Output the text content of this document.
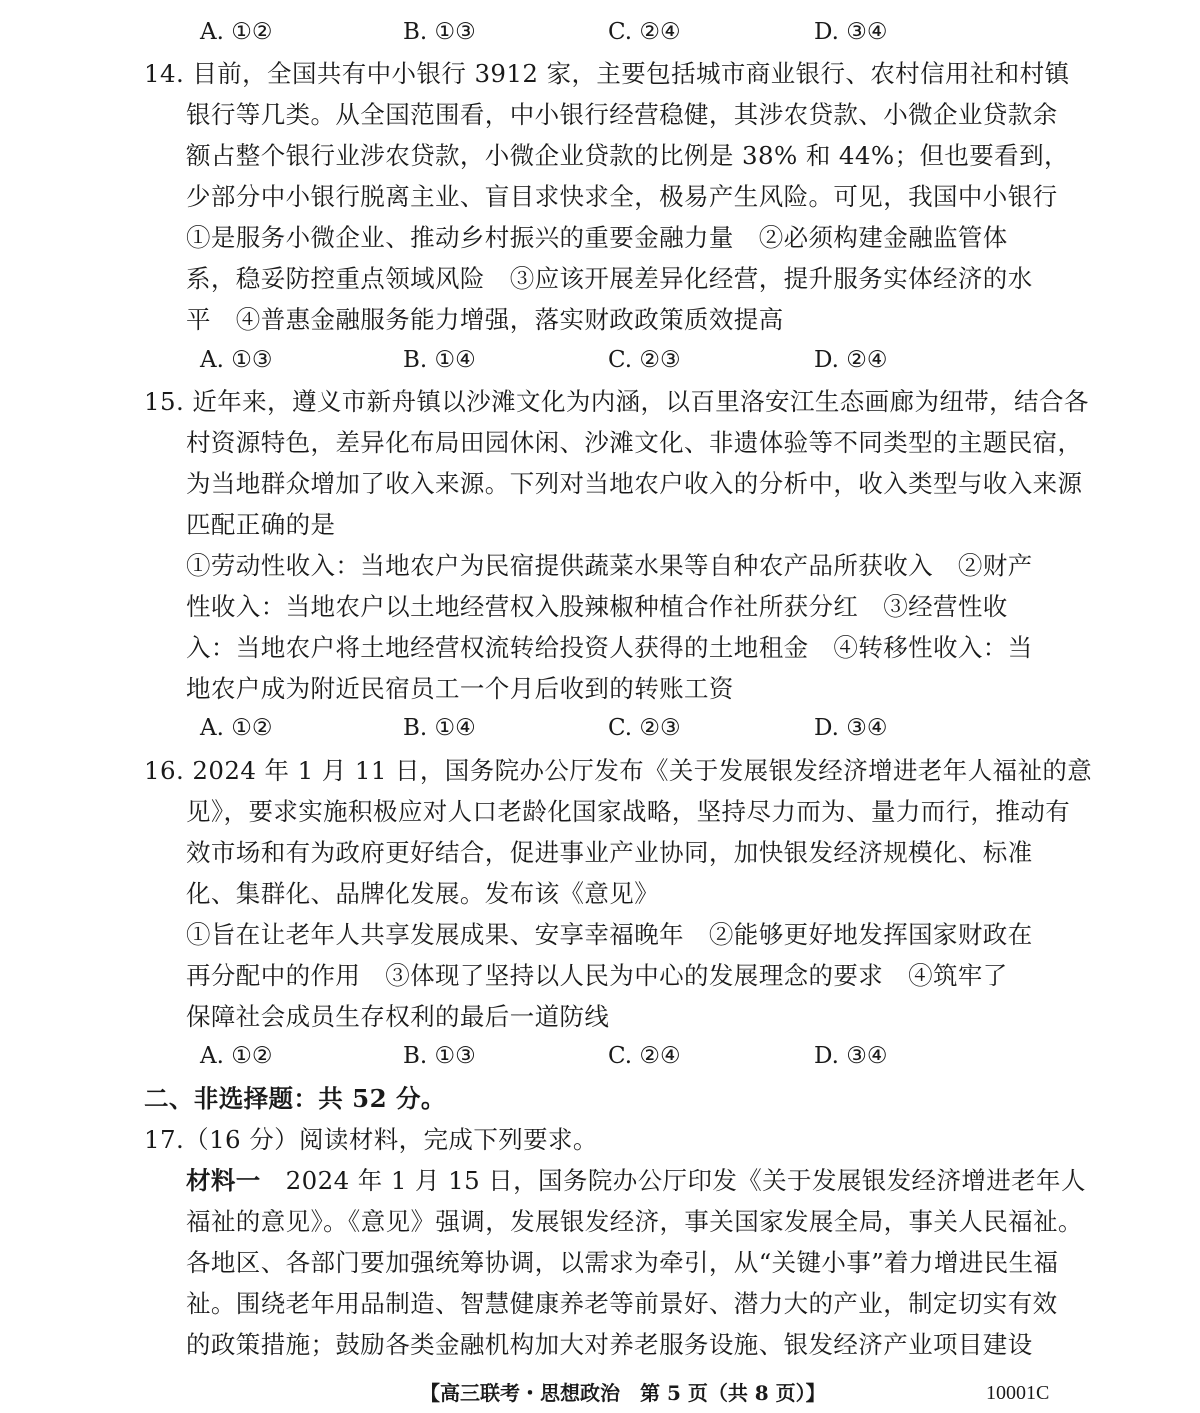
A. ①②	B. ①③	C. ②④	D. ③④
14. 目前，全国共有中小银行 3912 家，主要包括城市商业银行、农村信用社和村镇
银行等几类。从全国范围看，中小银行经营稳健，其涉农贷款、小微企业贷款余
额占整个银行业涉农贷款，小微企业贷款的比例是 38% 和 44%；但也要看到，
少部分中小银行脱离主业、盲目求快求全，极易产生风险。可见，我国中小银行
①是服务小微企业、推动乡村振兴的重要金融力量　②必须构建金融监管体
系，稳妥防控重点领域风险　③应该开展差异化经营，提升服务实体经济的水
平　④普惠金融服务能力增强，落实财政政策质效提高
A. ①③	B. ①④	C. ②③	D. ②④
15. 近年来，遵义市新舟镇以沙滩文化为内涵，以百里洛安江生态画廊为纽带，结合各
村资源特色，差异化布局田园休闲、沙滩文化、非遗体验等不同类型的主题民宿，
为当地群众增加了收入来源。下列对当地农户收入的分析中，收入类型与收入来源
匹配正确的是
①劳动性收入：当地农户为民宿提供蔬菜水果等自种农产品所获收入　②财产
性收入：当地农户以土地经营权入股辣椒种植合作社所获分红　③经营性收
入：当地农户将土地经营权流转给投资人获得的土地租金　④转移性收入：当
地农户成为附近民宿员工一个月后收到的转账工资
A. ①②	B. ①④	C. ②③	D. ③④
16. 2024 年 1 月 11 日，国务院办公厅发布《关于发展银发经济增进老年人福祉的意
见》，要求实施积极应对人口老龄化国家战略，坚持尽力而为、量力而行，推动有
效市场和有为政府更好结合，促进事业产业协同，加快银发经济规模化、标准
化、集群化、品牌化发展。发布该《意见》
①旨在让老年人共享发展成果、安享幸福晚年　②能够更好地发挥国家财政在
再分配中的作用　③体现了坚持以人民为中心的发展理念的要求　④筑牢了
保障社会成员生存权利的最后一道防线
A. ①②	B. ①③	C. ②④	D. ③④
二、非选择题：共 52 分。
17.（16 分）阅读材料，完成下列要求。
材料一　2024 年 1 月 15 日，国务院办公厅印发《关于发展银发经济增进老年人
福祉的意见》。《意见》强调，发展银发经济，事关国家发展全局，事关人民福祉。
各地区、各部门要加强统筹协调，以需求为牵引，从“关键小事”着力增进民生福
祉。围绕老年用品制造、智慧健康养老等前景好、潜力大的产业，制定切实有效
的政策措施；鼓励各类金融机构加大对养老服务设施、银发经济产业项目建设
【高三联考・思想政治　第 5 页（共 8 页）】	10001C
